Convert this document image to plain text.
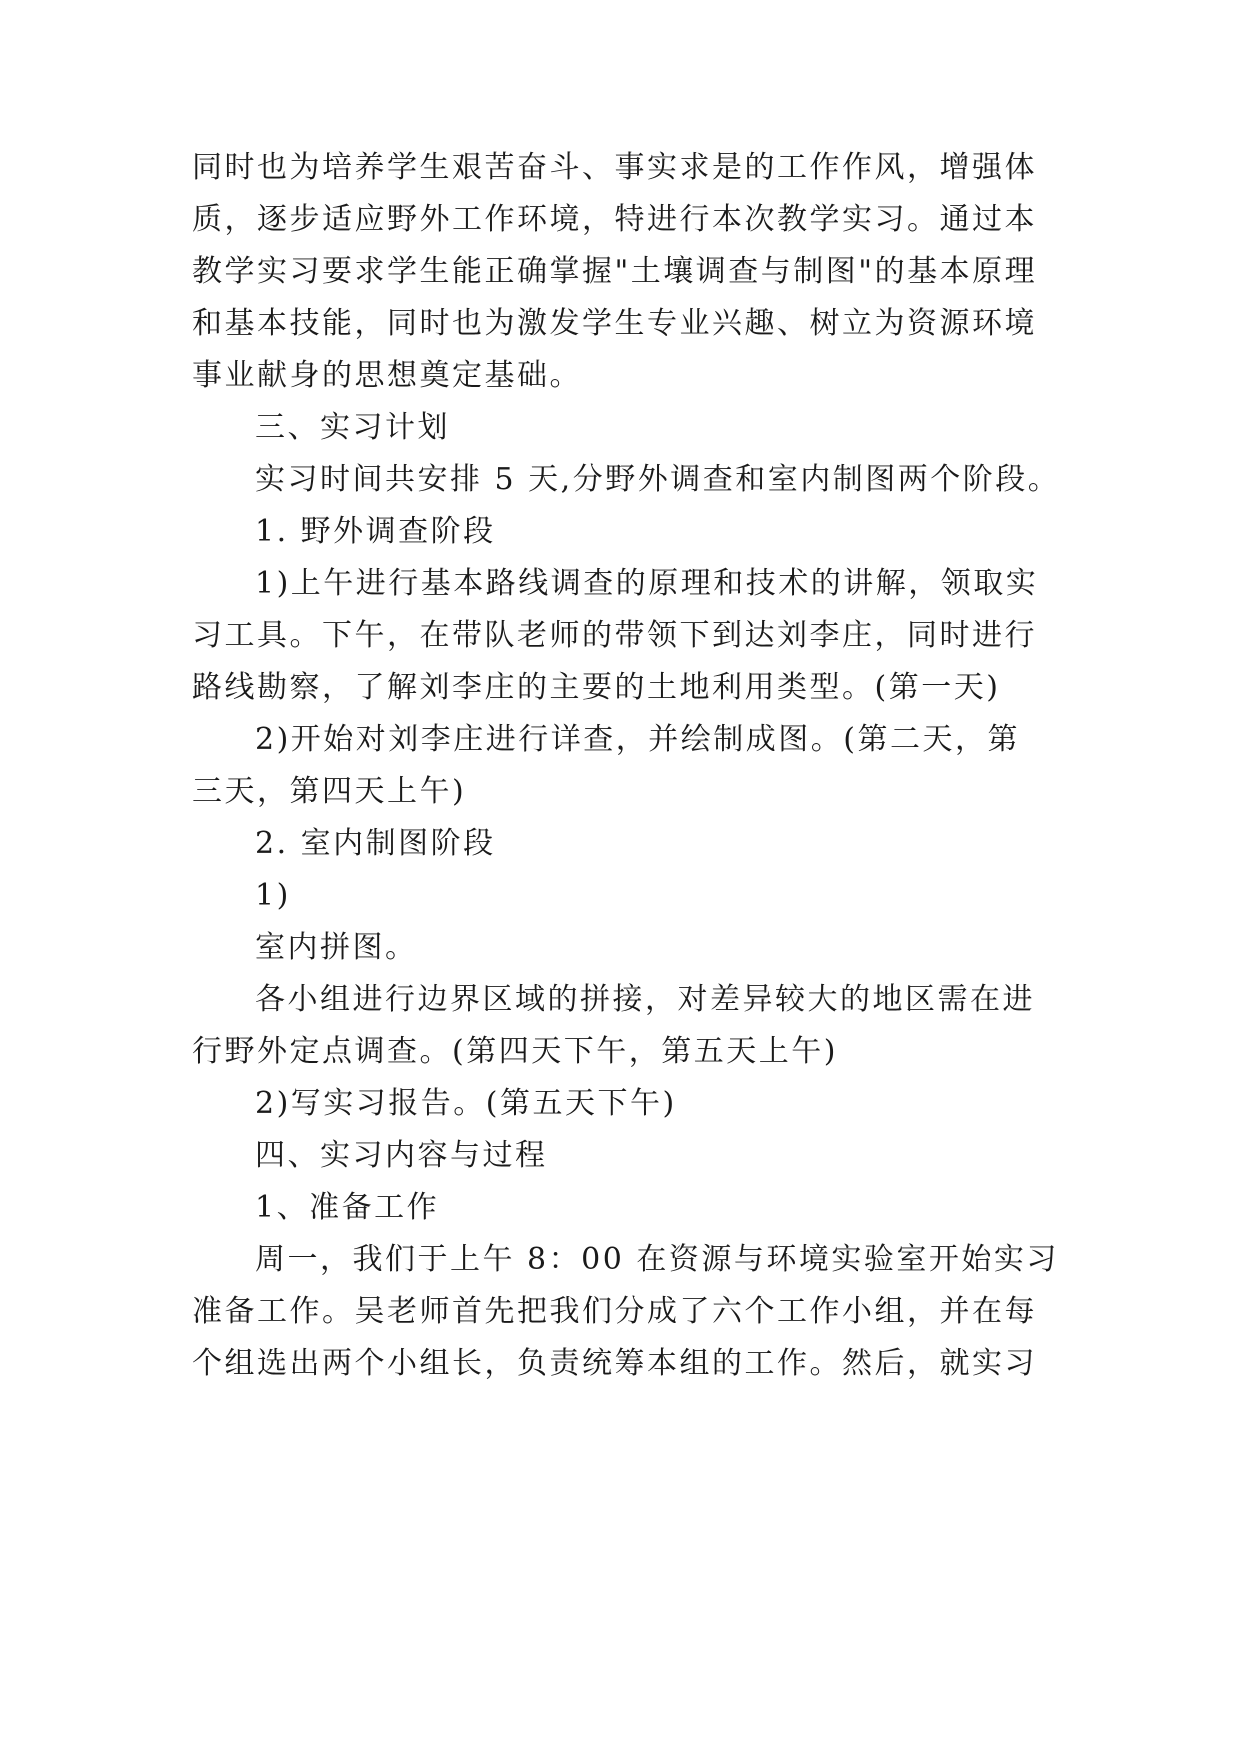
同时也为培养学生艰苦奋斗、事实求是的工作作风，增强体
质，逐步适应野外工作环境，特进行本次教学实习。通过本
教学实习要求学生能正确掌握"土壤调查与制图"的基本原理
和基本技能，同时也为激发学生专业兴趣、树立为资源环境
事业献身的思想奠定基础。
三、实习计划
实习时间共安排 5 天,分野外调查和室内制图两个阶段。
1. 野外调查阶段
1)上午进行基本路线调查的原理和技术的讲解，领取实
习工具。下午，在带队老师的带领下到达刘李庄，同时进行
路线勘察，了解刘李庄的主要的土地利用类型。(第一天)
2)开始对刘李庄进行详查，并绘制成图。(第二天，第
三天，第四天上午)
2. 室内制图阶段
1)
室内拼图。
各小组进行边界区域的拼接，对差异较大的地区需在进
行野外定点调查。(第四天下午，第五天上午)
2)写实习报告。(第五天下午)
四、实习内容与过程
1、准备工作
周一，我们于上午 8：00 在资源与环境实验室开始实习
准备工作。吴老师首先把我们分成了六个工作小组，并在每
个组选出两个小组长，负责统筹本组的工作。然后，就实习
